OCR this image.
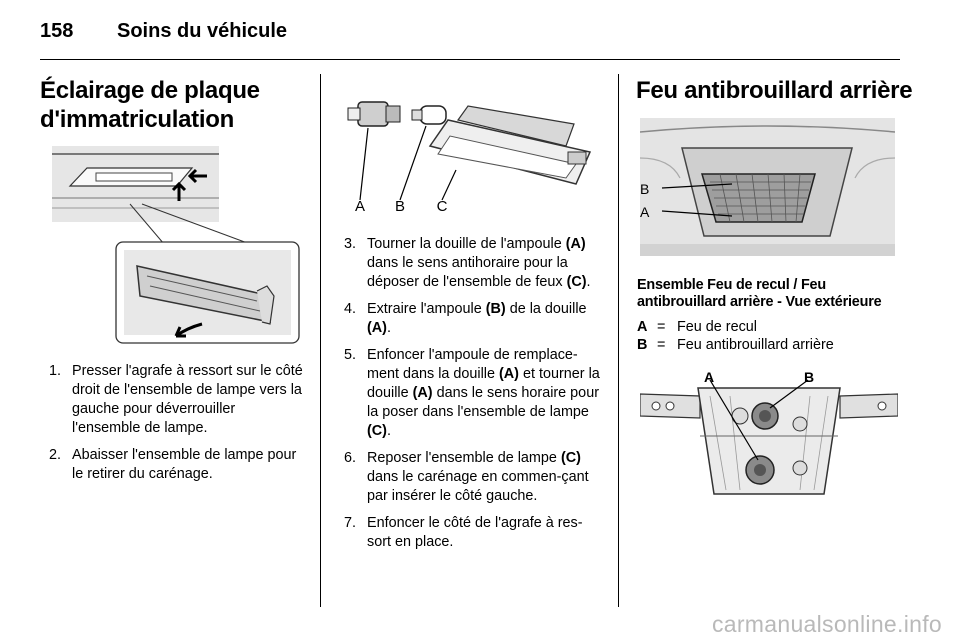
158 Soins du véhicule
Éclairage de plaque
d'immatriculation
1. Presser l'agrafe à ressort sur le côté droit de l'ensemble de lampe vers la gauche pour déverrouiller l'ensemble de lampe.
2. Abaisser l'ensemble de lampe pour le retirer du carénage.
A B C
3. Tourner la douille de l'ampoule (A) dans le sens antihoraire pour la déposer de l'ensemble de feux (C).
4. Extraire l'ampoule (B) de la douille (A).
5. Enfoncer l'ampoule de remplace-ment dans la douille (A) et tourner la douille (A) dans le sens horaire pour la poser dans l'ensemble de lampe (C).
6. Reposer l'ensemble de lampe (C) dans le carénage en commen-çant par insérer le côté gauche.
7. Enfoncer le côté de l'agrafe à res-sort en place.
Feu antibrouillard arrière
B
A
Ensemble Feu de recul / Feu antibrouillard arrière - Vue extérieure
A = Feu de recul
B = Feu antibrouillard arrière
A	B
carmanualsonline.info
